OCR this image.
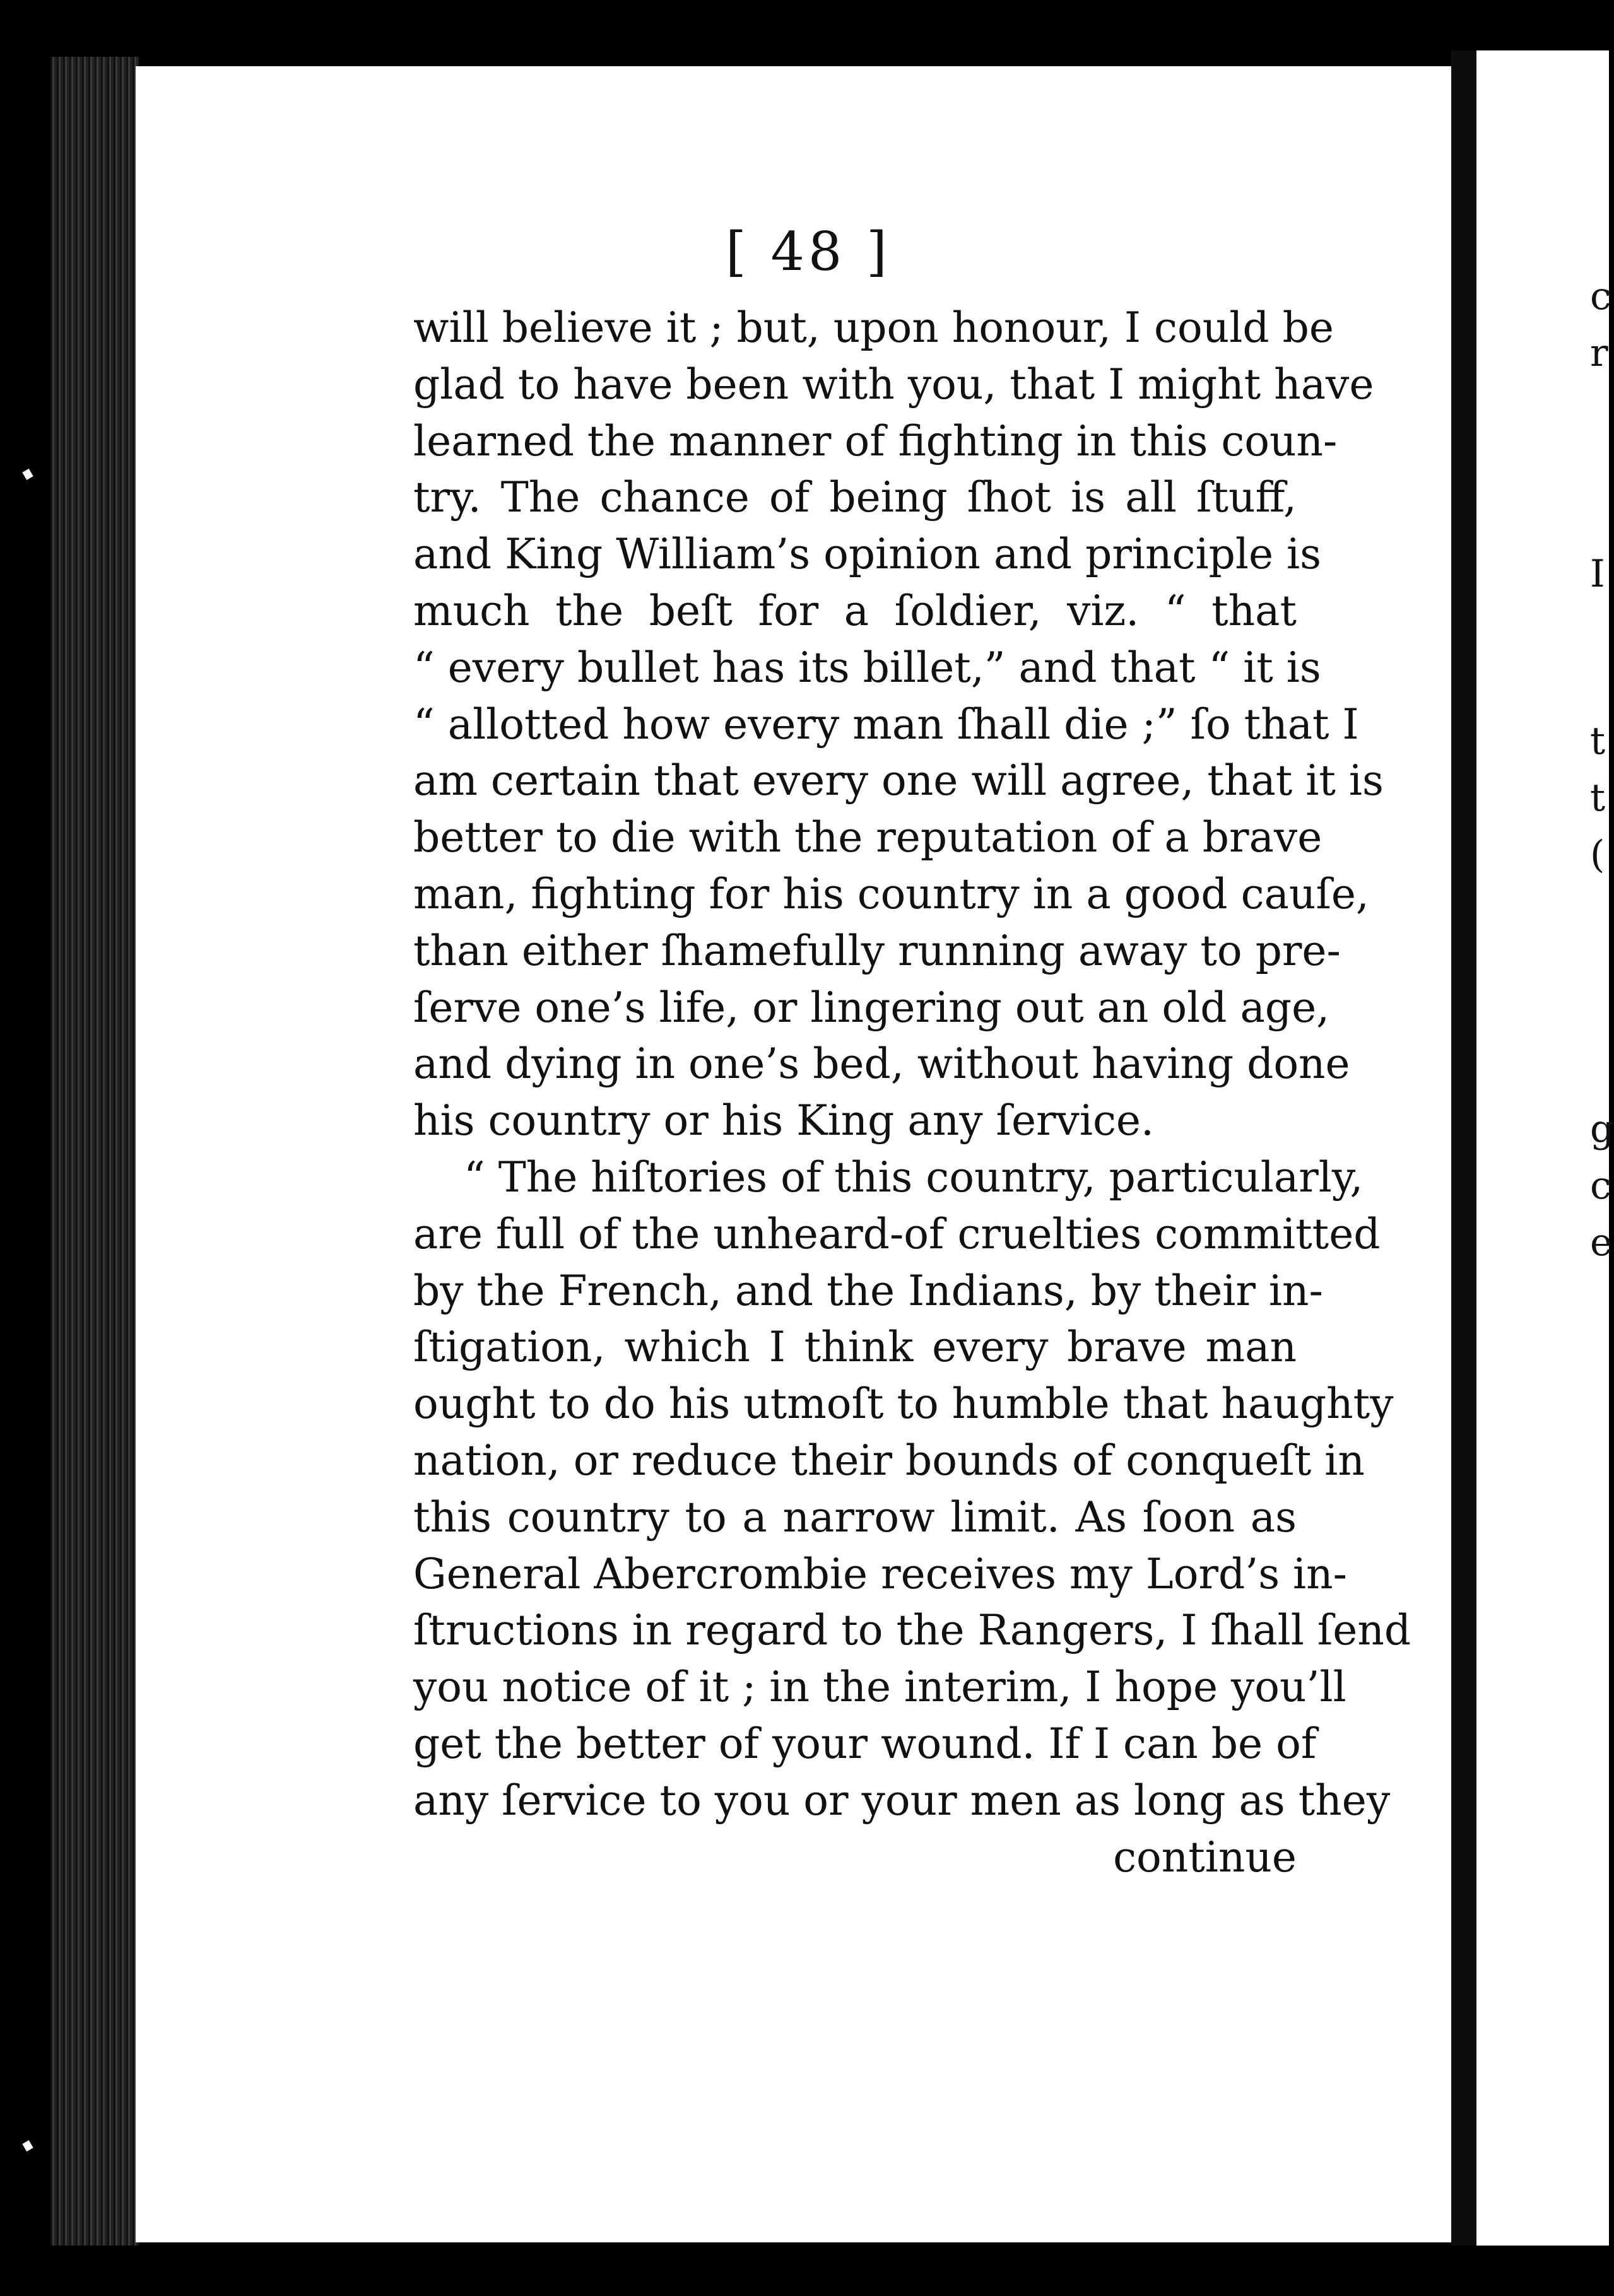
[ 48 ]
will believe it ; but, upon honour, I could be
glad to have been with you, that I might have
learned the manner of fighting in this coun-
try. The chance of being ſhot is all ſtuff,
and King William’s opinion and principle is
much the beſt for a ſoldier, viz. “ that
“ every bullet has its billet,” and that “ it is
“ allotted how every man ſhall die ;” ſo that I
am certain that every one will agree, that it is
better to die with the reputation of a brave
man, fighting for his country in a good cauſe,
than either ſhamefully running away to pre-
ſerve one’s life, or lingering out an old age,
and dying in one’s bed, without having done
his country or his King any ſervice.
“ The hiſtories of this country, particularly,
are full of the unheard-of cruelties committed
by the French, and the Indians, by their in-
ſtigation, which I think every brave man
ought to do his utmoſt to humble that haughty
nation, or reduce their bounds of conqueſt in
this country to a narrow limit. As ſoon as
General Abercrombie receives my Lord’s in-
ſtructions in regard to the Rangers, I ſhall ſend
you notice of it ; in the interim, I hope you’ll
get the better of your wound. If I can be of
any ſervice to you or your men as long as they
continue
c
r
I
t
t
(
g
c
e
